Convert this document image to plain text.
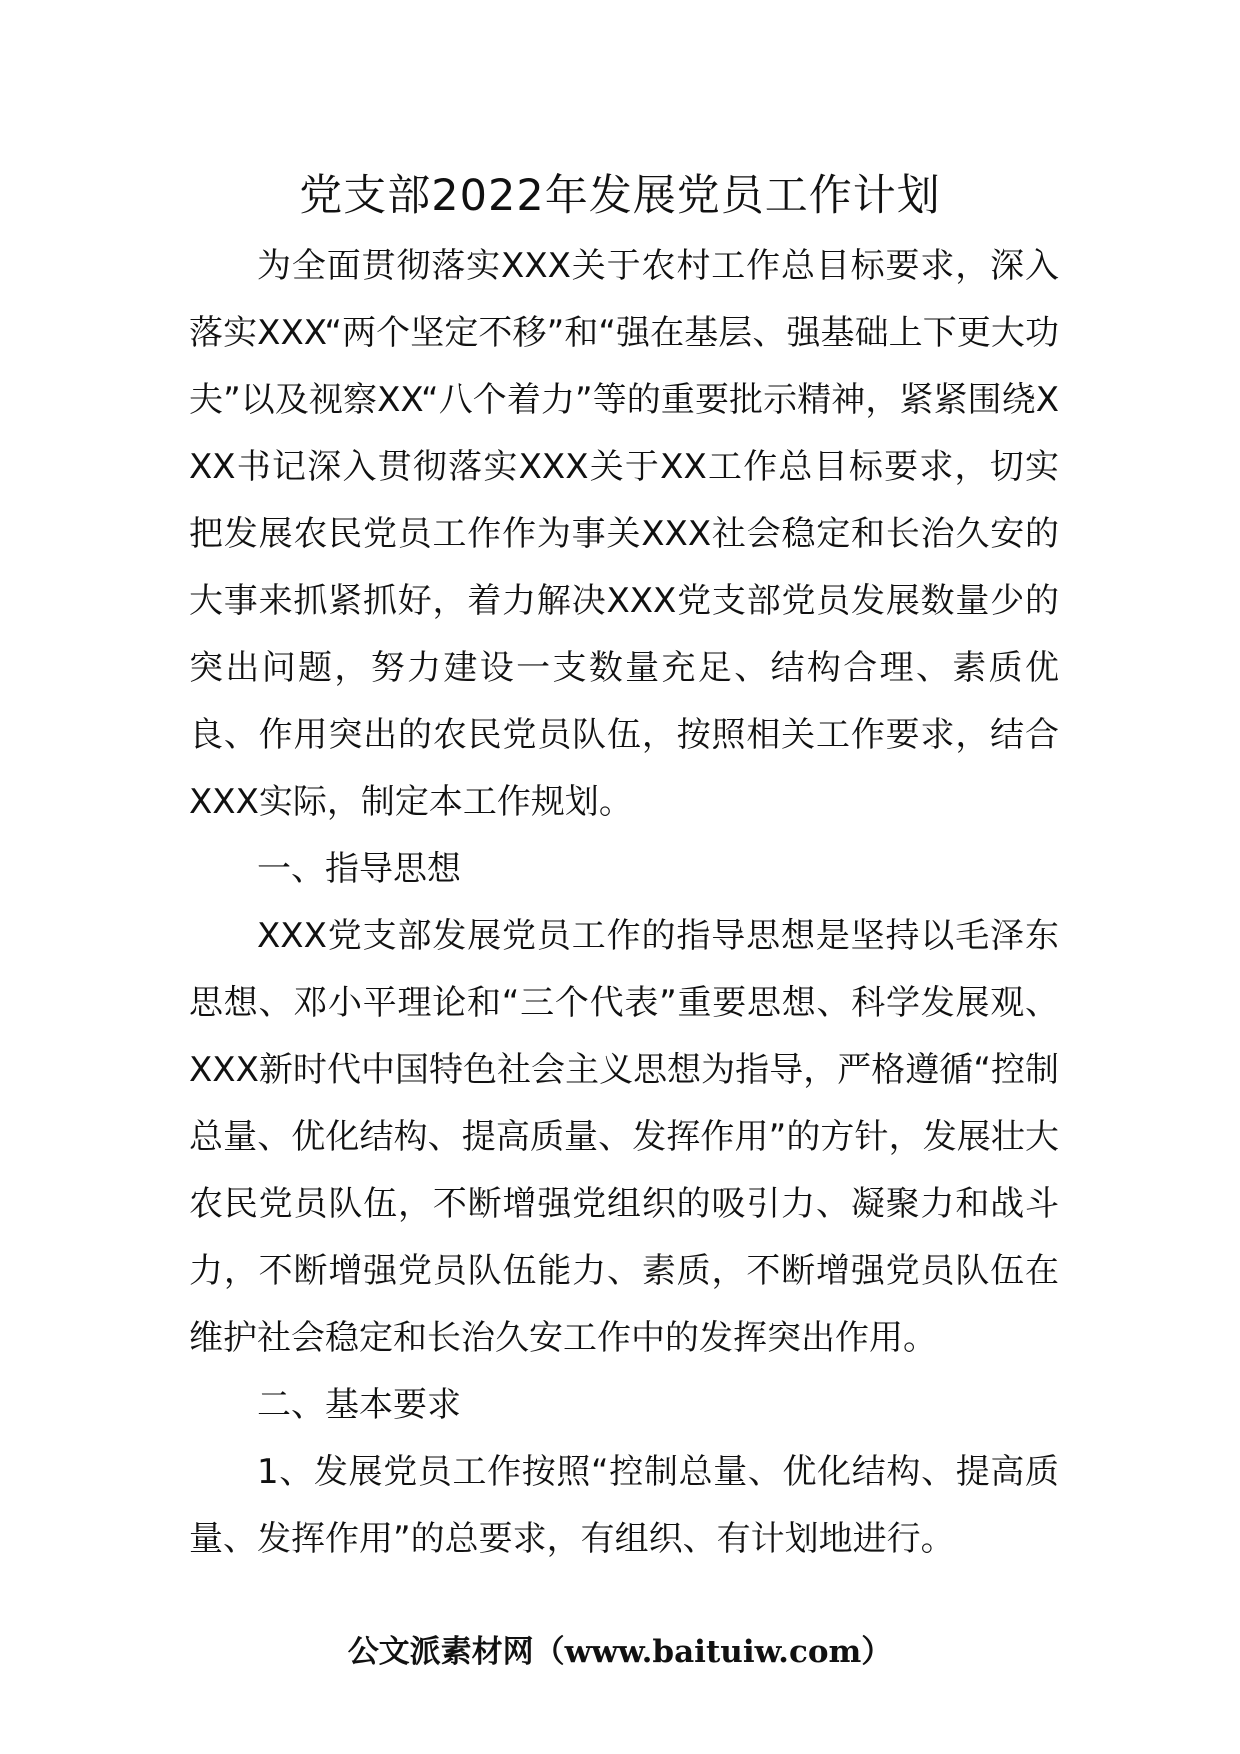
党支部2022年发展党员工作计划

为全面贯彻落实XXX关于农村工作总目标要求，深入落实XXX“两个坚定不移”和“强在基层、强基础上下更大功夫”以及视察XX“八个着力”等的重要批示精神，紧紧围绕XXX书记深入贯彻落实XXX关于XX工作总目标要求，切实把发展农民党员工作作为事关XXX社会稳定和长治久安的大事来抓紧抓好，着力解决XXX党支部党员发展数量少的突出问题，努力建设一支数量充足、结构合理、素质优良、作用突出的农民党员队伍，按照相关工作要求，结合XXX实际，制定本工作规划。

一、指导思想

XXX党支部发展党员工作的指导思想是坚持以毛泽东思想、邓小平理论和“三个代表”重要思想、科学发展观、XXX新时代中国特色社会主义思想为指导，严格遵循“控制总量、优化结构、提高质量、发挥作用”的方针，发展壮大农民党员队伍，不断增强党组织的吸引力、凝聚力和战斗力，不断增强党员队伍能力、素质，不断增强党员队伍在维护社会稳定和长治久安工作中的发挥突出作用。

二、基本要求

1、发展党员工作按照“控制总量、优化结构、提高质量、发挥作用”的总要求，有组织、有计划地进行。

公文派素材网（www.baituiw.com）
